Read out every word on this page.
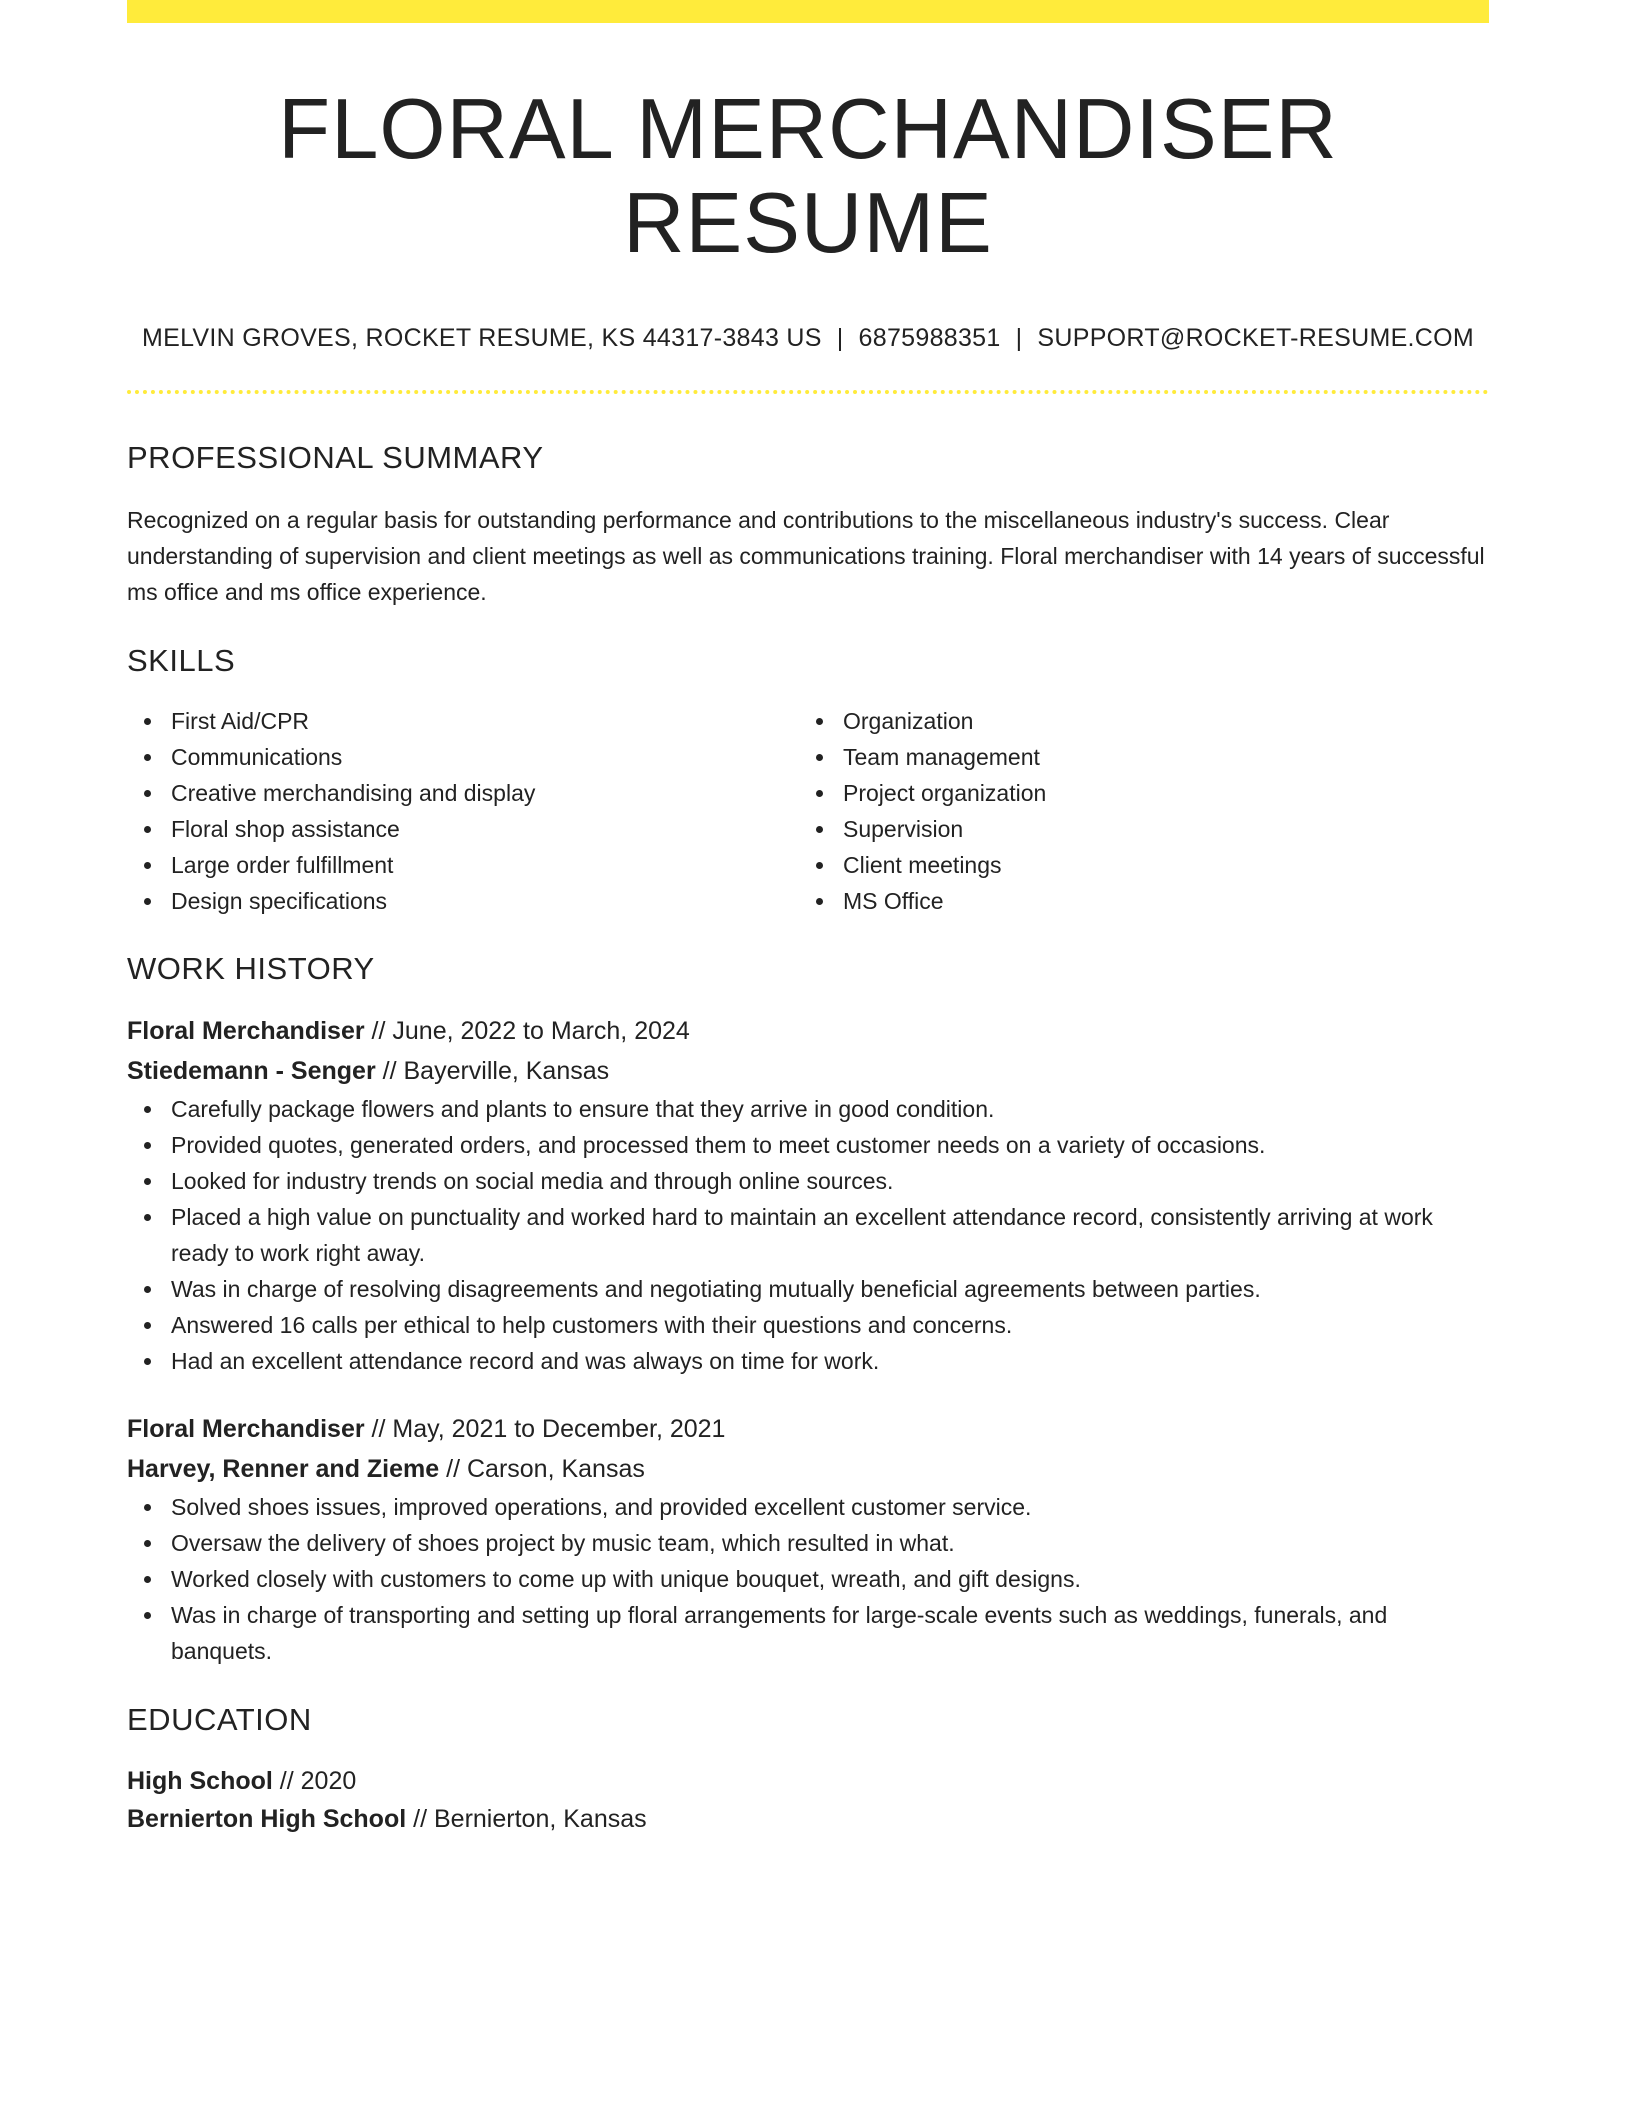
FLORAL MERCHANDISER RESUME
MELVIN GROVES, ROCKET RESUME, KS 44317-3843 US | 6875988351 | SUPPORT@ROCKET-RESUME.COM
PROFESSIONAL SUMMARY

Recognized on a regular basis for outstanding performance and contributions to the miscellaneous industry's success. Clear understanding of supervision and client meetings as well as communications training. Floral merchandiser with 14 years of successful ms office and ms office experience.

SKILLS
First Aid/CPR
Communications
Creative merchandising and display
Floral shop assistance
Large order fulfillment
Design specifications
Organization
Team management
Project organization
Supervision
Client meetings
MS Office
WORK HISTORY
Floral Merchandiser // June, 2022 to March, 2024
Stiedemann - Senger // Bayerville, Kansas
Carefully package flowers and plants to ensure that they arrive in good condition.
Provided quotes, generated orders, and processed them to meet customer needs on a variety of occasions.
Looked for industry trends on social media and through online sources.
Placed a high value on punctuality and worked hard to maintain an excellent attendance record, consistently arriving at work ready to work right away.
Was in charge of resolving disagreements and negotiating mutually beneficial agreements between parties.
Answered 16 calls per ethical to help customers with their questions and concerns.
Had an excellent attendance record and was always on time for work.
Floral Merchandiser // May, 2021 to December, 2021
Harvey, Renner and Zieme // Carson, Kansas
Solved shoes issues, improved operations, and provided excellent customer service.
Oversaw the delivery of shoes project by music team, which resulted in what.
Worked closely with customers to come up with unique bouquet, wreath, and gift designs.
Was in charge of transporting and setting up floral arrangements for large-scale events such as weddings, funerals, and banquets.
EDUCATION
High School // 2020
Bernierton High School // Bernierton, Kansas
